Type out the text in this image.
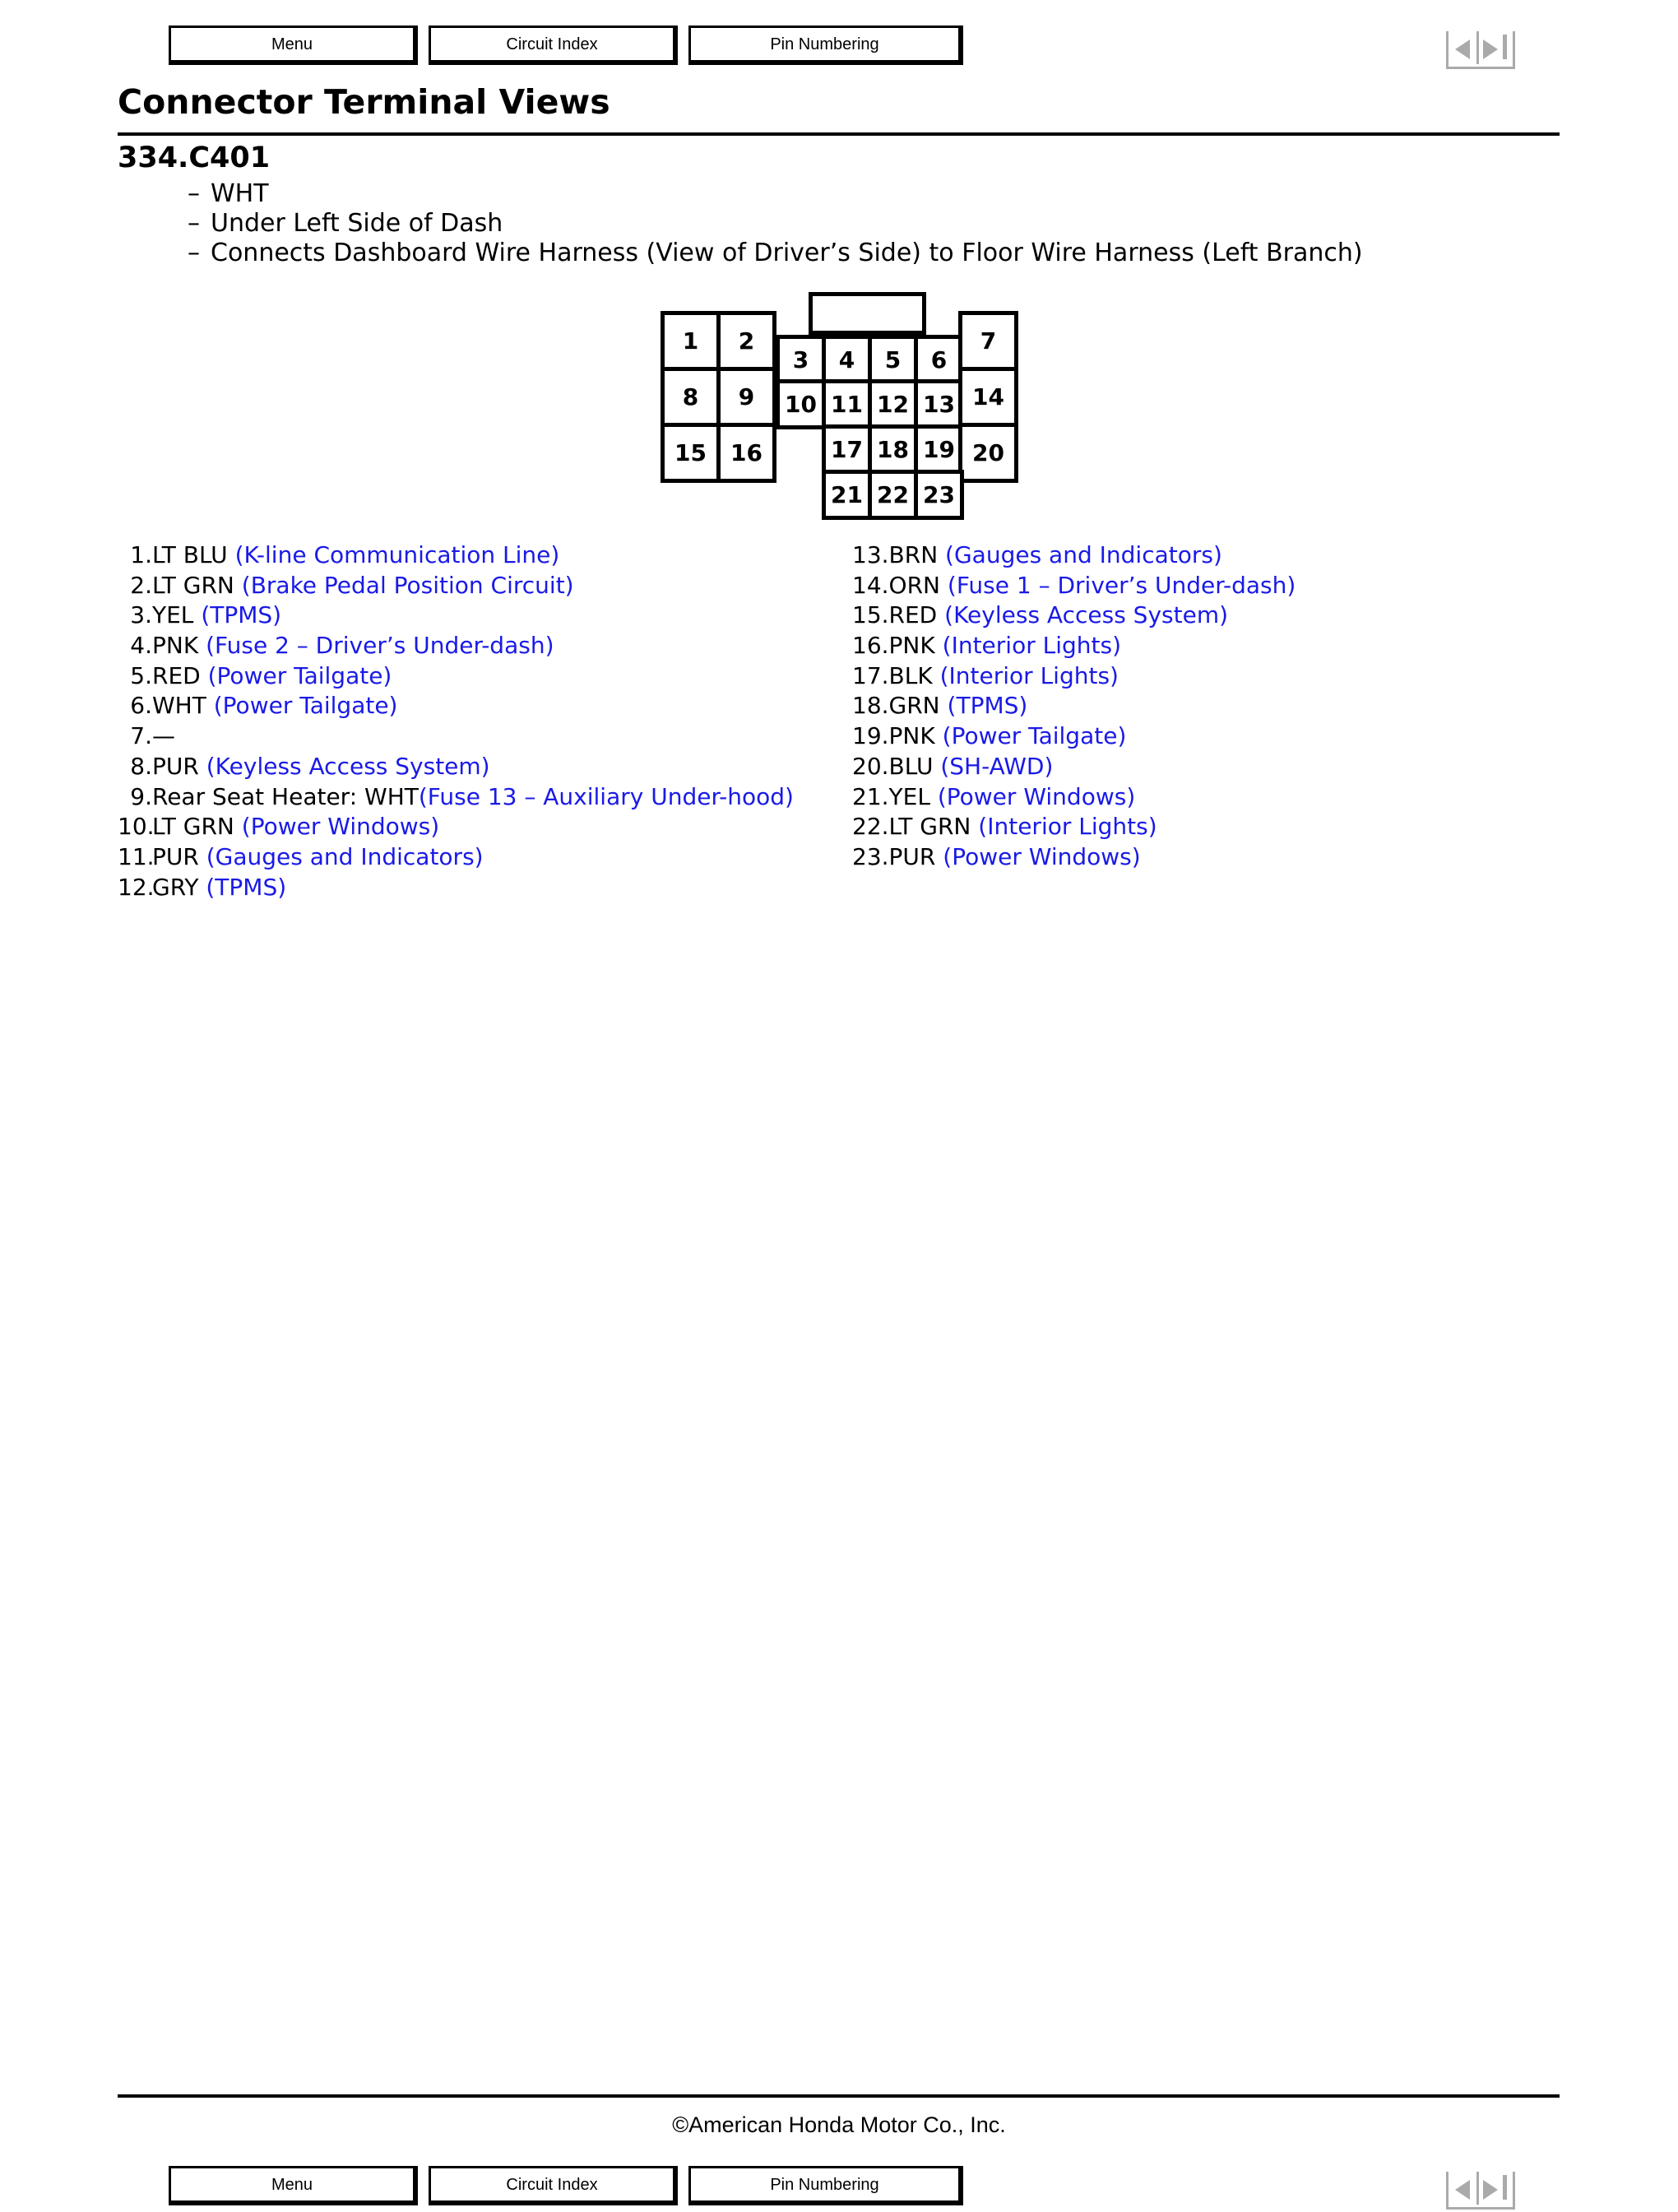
Menu	Circuit Index	Pin Numbering
Connector Terminal Views
334.C401
– WHT
– Under Left Side of Dash
– Connects Dashboard Wire Harness (View of Driver’s Side) to Floor Wire Harness (Left Branch)
1	2
3	4	5	6
7
8	9	10 11 12 13 14
15	16	17 18 19 20
21 22 23
1.LT BLU (K-line Communication Line)
2.LT GRN (Brake Pedal Position Circuit)
3.YEL (TPMS)
4.PNK (Fuse 2 – Driver’s Under-dash)
5.RED (Power Tailgate)
6.WHT (Power Tailgate)
7.—
8.PUR (Keyless Access System)
9.Rear Seat Heater: WHT(Fuse 13 – Auxiliary Under-hood)
10.LT GRN (Power Windows)
11.PUR (Gauges and Indicators)
12.GRY (TPMS)
13.BRN (Gauges and Indicators)
14.ORN (Fuse 1 – Driver’s Under-dash)
15.RED (Keyless Access System)
16.PNK (Interior Lights)
17.BLK (Interior Lights)
18.GRN (TPMS)
19.PNK (Power Tailgate)
20.BLU (SH-AWD)
21.YEL (Power Windows)
22.LT GRN (Interior Lights)
23.PUR (Power Windows)
©American Honda Motor Co., Inc.
Menu	Circuit Index	Pin Numbering
